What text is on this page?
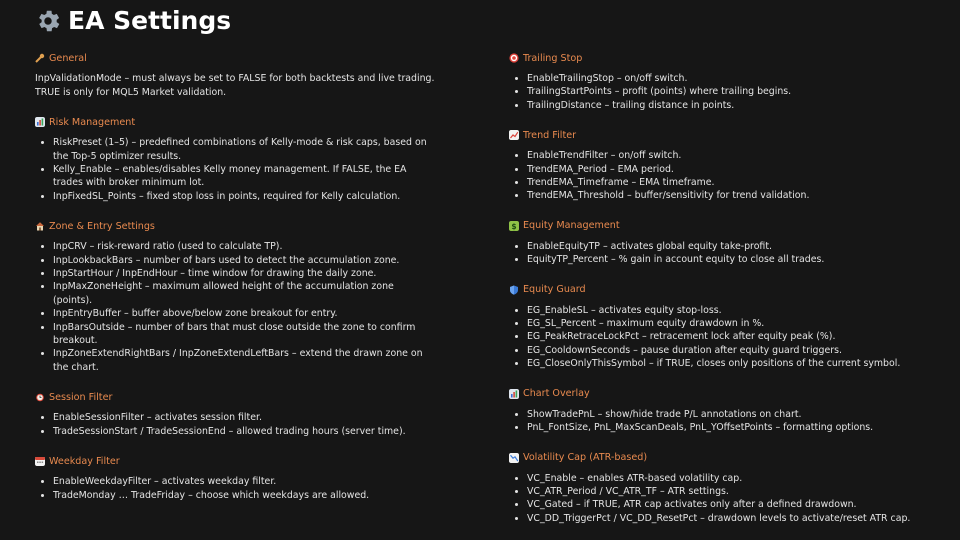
EA Settings
General

InpValidationMode – must always be set to FALSE for both backtests and live trading. TRUE is only for MQL5 Market validation.

Risk Management
• RiskPreset (1–5) – predefined combinations of Kelly-mode & risk caps, based on the Top-5 optimizer results.
• Kelly_Enable – enables/disables Kelly money management. If FALSE, the EA trades with broker minimum lot.
• InpFixedSL_Points – fixed stop loss in points, required for Kelly calculation.
Zone & Entry Settings
• InpCRV – risk-reward ratio (used to calculate TP).
• InpLookbackBars – number of bars used to detect the accumulation zone.
• InpStartHour / InpEndHour – time window for drawing the daily zone.
• InpMaxZoneHeight – maximum allowed height of the accumulation zone (points).
• InpEntryBuffer – buffer above/below zone breakout for entry.
• InpBarsOutside – number of bars that must close outside the zone to confirm breakout.
• InpZoneExtendRightBars / InpZoneExtendLeftBars – extend the drawn zone on the chart.
Session Filter
• EnableSessionFilter – activates session filter.
• TradeSessionStart / TradeSessionEnd – allowed trading hours (server time).
Weekday Filter
• EnableWeekdayFilter – activates weekday filter.
• TradeMonday … TradeFriday – choose which weekdays are allowed.
Trailing Stop
• EnableTrailingStop – on/off switch.
• TrailingStartPoints – profit (points) where trailing begins.
• TrailingDistance – trailing distance in points.
Trend Filter
• EnableTrendFilter – on/off switch.
• TrendEMA_Period – EMA period.
• TrendEMA_Timeframe – EMA timeframe.
• TrendEMA_Threshold – buffer/sensitivity for trend validation.
$ Equity Management
• EnableEquityTP – activates global equity take-profit.
• EquityTP_Percent – % gain in account equity to close all trades.
Equity Guard
• EG_EnableSL – activates equity stop-loss.
• EG_SL_Percent – maximum equity drawdown in %.
• EG_PeakRetraceLockPct – retracement lock after equity peak (%).
• EG_CooldownSeconds – pause duration after equity guard triggers.
• EG_CloseOnlyThisSymbol – if TRUE, closes only positions of the current symbol.
Chart Overlay
• ShowTradePnL – show/hide trade P/L annotations on chart.
• PnL_FontSize, PnL_MaxScanDeals, PnL_YOffsetPoints – formatting options.
Volatility Cap (ATR-based)
• VC_Enable – enables ATR-based volatility cap.
• VC_ATR_Period / VC_ATR_TF – ATR settings.
• VC_Gated – if TRUE, ATR cap activates only after a defined drawdown.
• VC_DD_TriggerPct / VC_DD_ResetPct – drawdown levels to activate/reset ATR cap.
